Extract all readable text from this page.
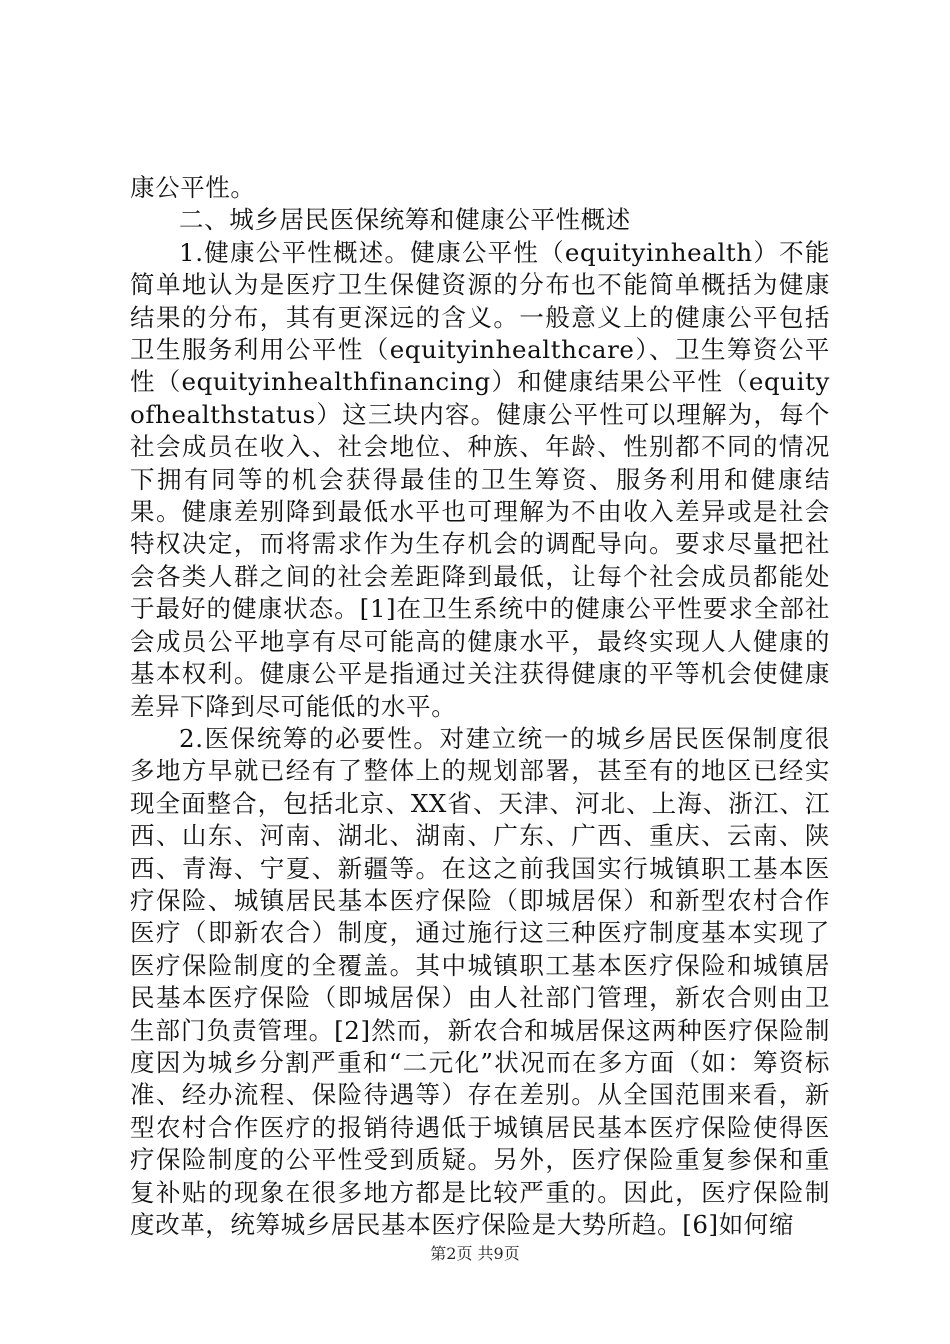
康公平性。

二、城乡居民医保统筹和健康公平性概述

1.健康公平性概述。健康公平性（equityinhealth）不能简单地认为是医疗卫生保健资源的分布也不能简单概括为健康结果的分布，其有更深远的含义。一般意义上的健康公平包括卫生服务利用公平性（equityinhealthcare）、卫生筹资公平性（equityinhealthfinancing）和健康结果公平性（equityofhealthstatus）这三块内容。健康公平性可以理解为，每个社会成员在收入、社会地位、种族、年龄、性别都不同的情况下拥有同等的机会获得最佳的卫生筹资、服务利用和健康结果。健康差别降到最低水平也可理解为不由收入差异或是社会特权决定，而将需求作为生存机会的调配导向。要求尽量把社会各类人群之间的社会差距降到最低，让每个社会成员都能处于最好的健康状态。[1]在卫生系统中的健康公平性要求全部社会成员公平地享有尽可能高的健康水平，最终实现人人健康的基本权利。健康公平是指通过关注获得健康的平等机会使健康差异下降到尽可能低的水平。

2.医保统筹的必要性。对建立统一的城乡居民医保制度很多地方早就已经有了整体上的规划部署，甚至有的地区已经实现全面整合，包括北京、XX省、天津、河北、上海、浙江、江西、山东、河南、湖北、湖南、广东、广西、重庆、云南、陕西、青海、宁夏、新疆等。在这之前我国实行城镇职工基本医疗保险、城镇居民基本医疗保险（即城居保）和新型农村合作医疗（即新农合）制度，通过施行这三种医疗制度基本实现了医疗保险制度的全覆盖。其中城镇职工基本医疗保险和城镇居民基本医疗保险（即城居保）由人社部门管理，新农合则由卫生部门负责管理。[2]然而，新农合和城居保这两种医疗保险制度因为城乡分割严重和“二元化”状况而在多方面（如：筹资标准、经办流程、保险待遇等）存在差别。从全国范围来看，新型农村合作医疗的报销待遇低于城镇居民基本医疗保险使得医疗保险制度的公平性受到质疑。另外，医疗保险重复参保和重复补贴的现象在很多地方都是比较严重的。因此，医疗保险制度改革，统筹城乡居民基本医疗保险是大势所趋。[6]如何缩

第2页 共9页
